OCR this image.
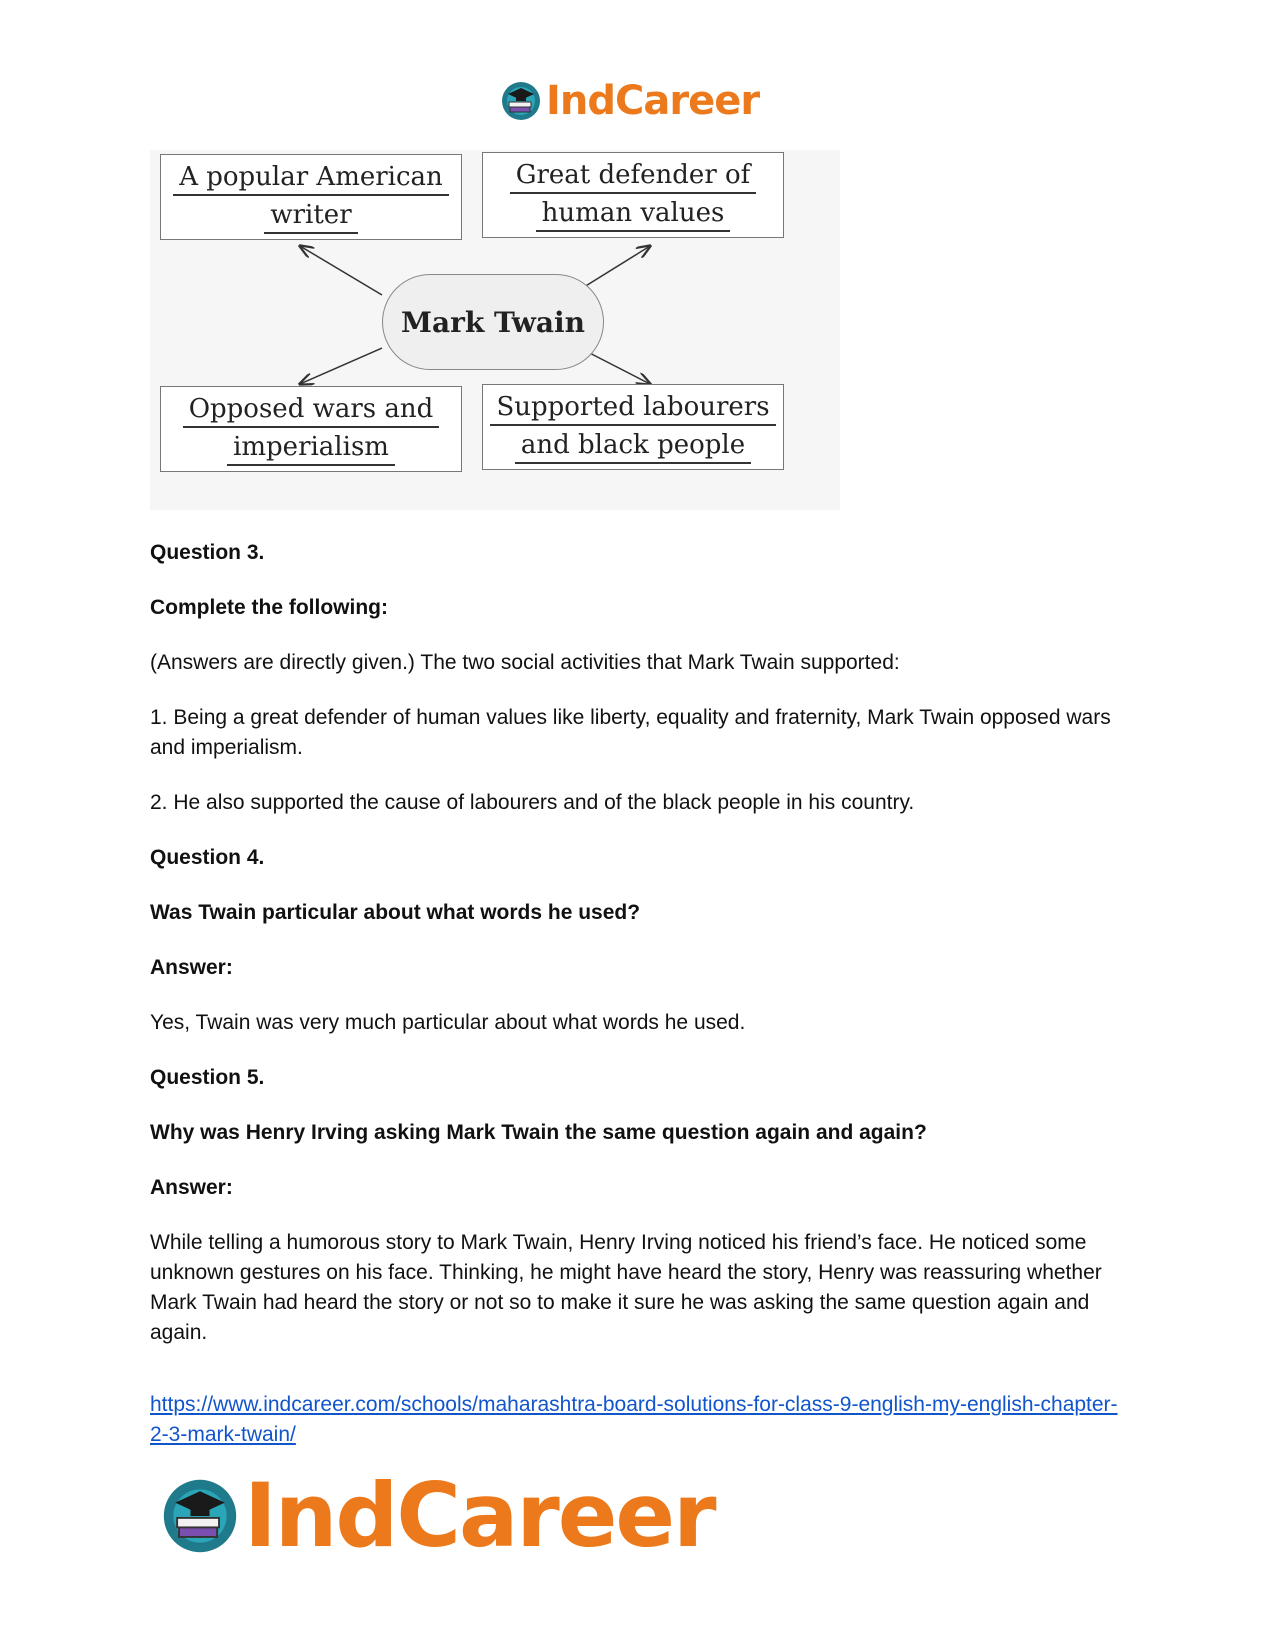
IndCareer
A popular American
writer
Great defender of
human values
Mark Twain
Opposed wars and
imperialism
Supported labourers
and black people

Question 3.

Complete the following:

(Answers are directly given.) The two social activities that Mark Twain supported:

1. Being a great defender of human values like liberty, equality and fraternity, Mark Twain opposed wars and imperialism.

2. He also supported the cause of labourers and of the black people in his country.

Question 4.

Was Twain particular about what words he used?

Answer:

Yes, Twain was very much particular about what words he used.

Question 5.

Why was Henry Irving asking Mark Twain the same question again and again?

Answer:

While telling a humorous story to Mark Twain, Henry Irving noticed his friend’s face. He noticed some unknown gestures on his face. Thinking, he might have heard the story, Henry was reassuring whether Mark Twain had heard the story or not so to make it sure he was asking the same question again and again.

https://www.indcareer.com/schools/maharashtra-board-solutions-for-class-9-english-my-english-chapter-2-3-mark-twain/

IndCareer
